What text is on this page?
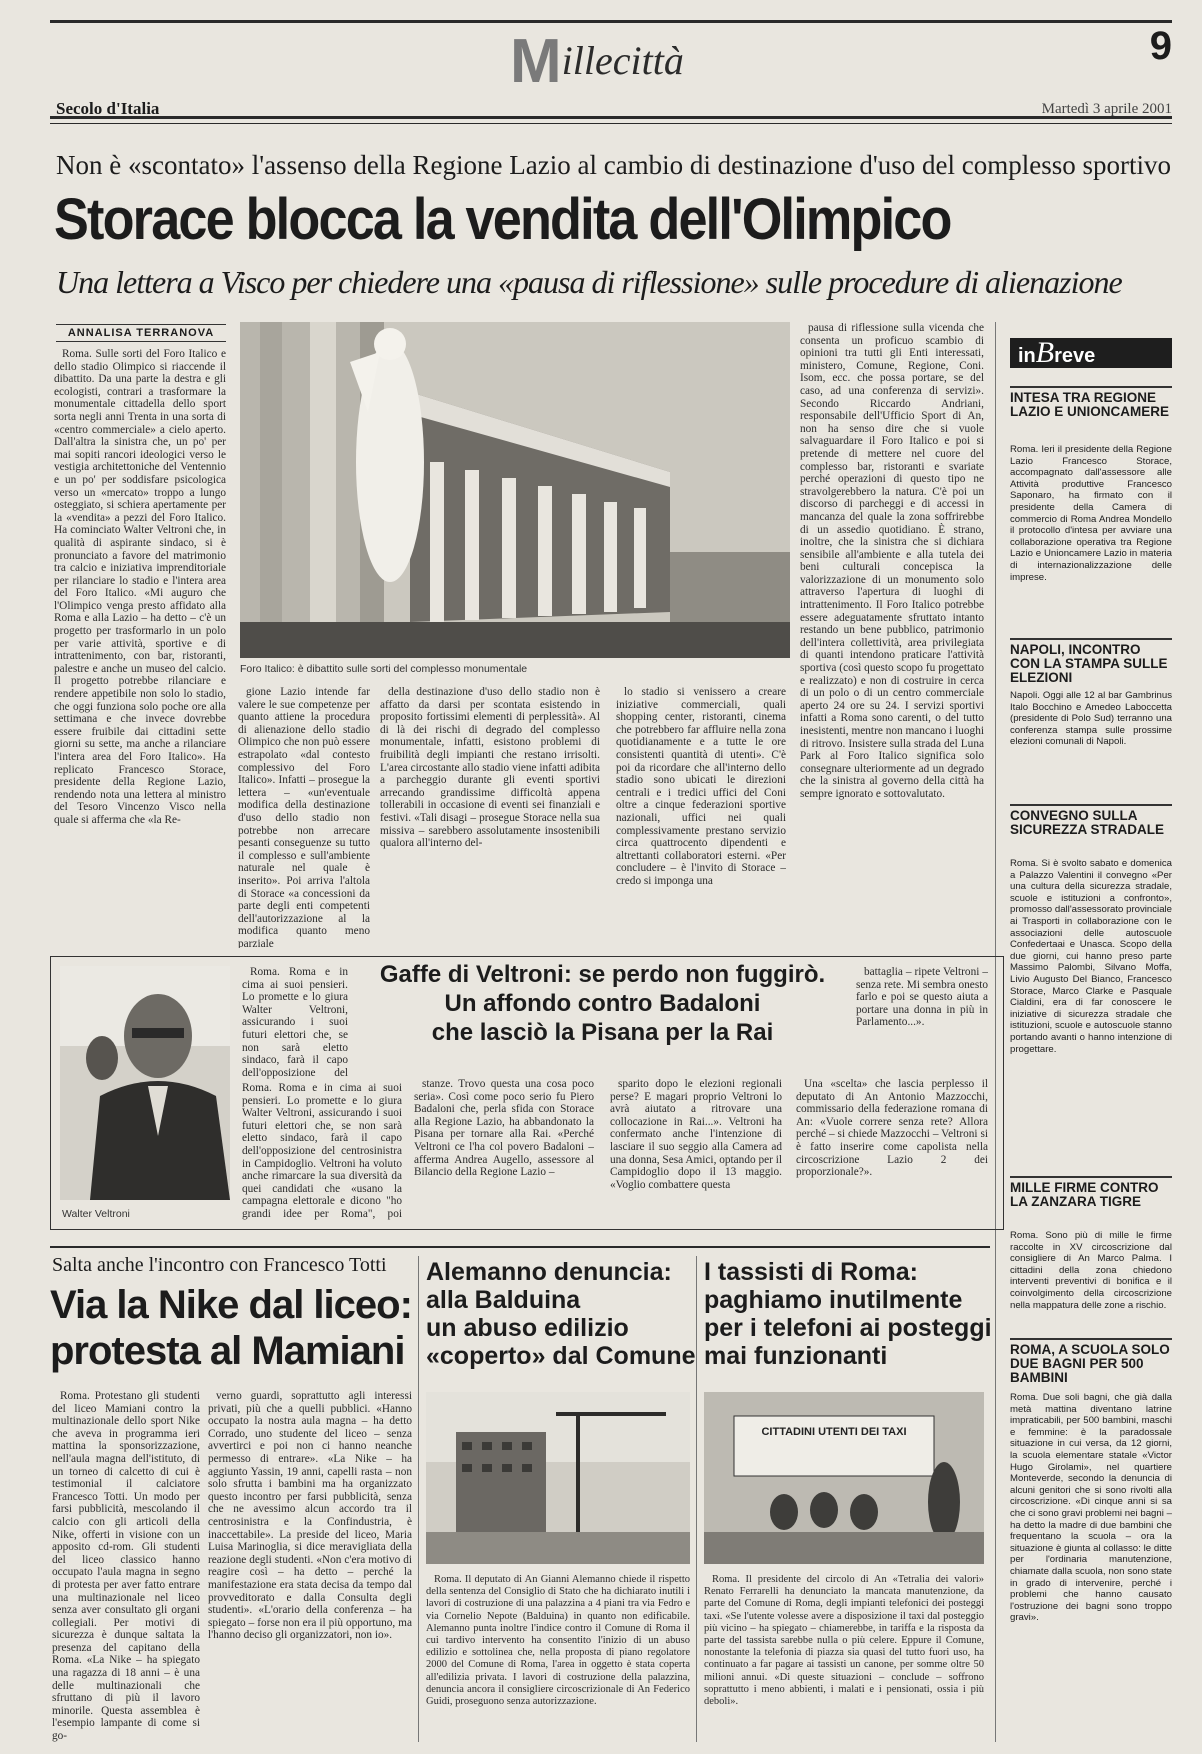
Millecittà	9
Secolo d'Italia	Martedì 3 aprile 2001
Non è «scontato» l'assenso della Regione Lazio al cambio di destinazione d'uso del complesso sportivo
Storace blocca la vendita dell'Olimpico
Una lettera a Visco per chiedere una «pausa di riflessione» sulle procedure di alienazione
ANNALISA TERRANOVA

Roma. Sulle sorti del Foro Italico e dello stadio Olimpico si riaccende il dibattito. Da una parte la destra e gli ecologisti, contrari a trasformare la monumentale cittadella dello sport sorta negli anni Trenta in una sorta di «centro commerciale» a cielo aperto. Dall'altra la sinistra che, un po' per mai sopiti rancori ideologici verso le vestigia architettoniche del Ventennio e un po' per soddisfare psicologica verso un «mercato» troppo a lungo osteggiato, si schiera apertamente per la «vendita» a pezzi del Foro Italico. Ha cominciato Walter Veltroni che, in qualità di aspirante sindaco, si è pronunciato a favore del matrimonio tra calcio e iniziativa imprenditoriale per rilanciare lo stadio e l'intera area del Foro Italico. «Mi auguro che l'Olimpico venga presto affidato alla Roma e alla Lazio – ha detto – c'è un progetto per trasformarlo in un polo per varie attività, sportive e di intrattenimento, con bar, ristoranti, palestre e anche un museo del calcio. Il progetto potrebbe rilanciare e rendere appetibile non solo lo stadio, che oggi funziona solo poche ore alla settimana e che invece dovrebbe essere fruibile dai cittadini sette giorni su sette, ma anche a rilanciare l'intera area del Foro Italico». Ha replicato Francesco Storace, presidente della Regione Lazio, rendendo nota una lettera al ministro del Tesoro Vincenzo Visco nella quale si afferma che «la Re-

Foro Italico: è dibattito sulle sorti del complesso monumentale

gione Lazio intende far valere le sue competenze per quanto attiene la procedura di alienazione dello stadio Olimpico che non può essere estrapolato «dal contesto complessivo del Foro Italico». Infatti – prosegue la lettera – «un'eventuale modifica della destinazione d'uso dello stadio non potrebbe non arrecare pesanti conseguenze su tutto il complesso e sull'ambiente naturale nel quale è inserito». Poi arriva l'altola di Storace «a concessioni da parte degli enti competenti dell'autorizzazione al la modifica quanto meno parziale

della destinazione d'uso dello stadio non è affatto da darsi per scontata esistendo in proposito fortissimi elementi di perplessità». Al di là dei rischi di degrado del complesso monumentale, infatti, esistono problemi di fruibilità degli impianti che restano irrisolti. L'area circostante allo stadio viene infatti adibita a parcheggio durante gli eventi sportivi arrecando grandissime difficoltà appena tollerabili in occasione di eventi sei finanziali e festivi. «Tali disagi – prosegue Storace nella sua missiva – sarebbero assolutamente insostenibili qualora all'interno del-

lo stadio si venissero a creare iniziative commerciali, quali shopping center, ristoranti, cinema che potrebbero far affluire nella zona quotidianamente e a tutte le ore consistenti quantità di utenti». C'è poi da ricordare che all'interno dello stadio sono ubicati le direzioni centrali e i tredici uffici del Coni oltre a cinque federazioni sportive nazionali, uffici nei quali complessivamente prestano servizio circa quattrocento dipendenti e altrettanti collaboratori esterni. «Per concludere – è l'invito di Storace – credo si imponga una

pausa di riflessione sulla vicenda che consenta un proficuo scambio di opinioni tra tutti gli Enti interessati, ministero, Comune, Regione, Coni. Isom, ecc. che possa portare, se del caso, ad una conferenza di servizi». Secondo Riccardo Andriani, responsabile dell'Ufficio Sport di An, non ha senso dire che si vuole salvaguardare il Foro Italico e poi si pretende di mettere nel cuore del complesso bar, ristoranti e svariate perché operazioni di questo tipo ne stravolgerebbero la natura. C'è poi un discorso di parcheggi e di accessi in mancanza del quale la zona soffrirebbe di un assedio quotidiano. È strano, inoltre, che la sinistra che si dichiara sensibile all'ambiente e alla tutela dei beni culturali concepisca la valorizzazione di un monumento solo attraverso l'apertura di luoghi di intrattenimento. Il Foro Italico potrebbe essere adeguatamente sfruttato intanto restando un bene pubblico, patrimonio dell'intera collettività, area privilegiata di quanti intendono praticare l'attività sportiva (così questo scopo fu progettato e realizzato) e non di costruire in cerca di un polo o di un centro commerciale aperto 24 ore su 24. I servizi sportivi infatti a Roma sono carenti, o del tutto inesistenti, mentre non mancano i luoghi di ritrovo. Insistere sulla strada del Luna Park al Foro Italico significa solo consegnare ulteriormente ad un degrado che la sinistra al governo della città ha sempre ignorato e sottovalutato.

inBreve
INTESA TRA REGIONE LAZIO E UNIONCAMERE
Roma. Ieri il presidente della Regione Lazio Francesco Storace, accompagnato dall'assessore alle Attività produttive Francesco Saponaro, ha firmato con il presidente della Camera di commercio di Roma Andrea Mondello il protocollo d'intesa per avviare una collaborazione operativa tra Regione Lazio e Unioncamere Lazio in materia di internazionalizzazione delle imprese.
NAPOLI, INCONTRO CON LA STAMPA SULLE ELEZIONI
Napoli. Oggi alle 12 al bar Gambrinus Italo Bocchino e Amedeo Laboccetta (presidente di Polo Sud) terranno una conferenza stampa sulle prossime elezioni comunali di Napoli.
CONVEGNO SULLA SICUREZZA STRADALE
Roma. Si è svolto sabato e domenica a Palazzo Valentini il convegno «Per una cultura della sicurezza stradale, scuole e istituzioni a confronto», promosso dall'assessorato provinciale ai Trasporti in collaborazione con le associazioni delle autoscuole Confedertaai e Unasca. Scopo della due giorni, cui hanno preso parte Massimo Palombi, Silvano Moffa, Livio Augusto Del Bianco, Francesco Storace, Marco Clarke e Pasquale Cialdini, era di far conoscere le iniziative di sicurezza stradale che istituzioni, scuole e autoscuole stanno portando avanti o hanno intenzione di progettare.
MILLE FIRME CONTRO LA ZANZARA TIGRE
Roma. Sono più di mille le firme raccolte in XV circoscrizione dal consigliere di An Marco Palma. I cittadini della zona chiedono interventi preventivi di bonifica e il coinvolgimento della circoscrizione nella mappatura delle zone a rischio.
ROMA, A SCUOLA SOLO DUE BAGNI PER 500 BAMBINI
Roma. Due soli bagni, che già dalla metà mattina diventano latrine impraticabili, per 500 bambini, maschi e femmine: è la paradossale situazione in cui versa, da 12 giorni, la scuola elementare statale «Victor Hugo Girolami», nel quartiere Monteverde, secondo la denuncia di alcuni genitori che si sono rivolti alla circoscrizione. «Di cinque anni si sa che ci sono gravi problemi nei bagni – ha detto la madre di due bambini che frequentano la scuola – ora la situazione è giunta al collasso: le ditte per l'ordinaria manutenzione, chiamate dalla scuola, non sono state in grado di intervenire, perché i problemi che hanno causato l'ostruzione dei bagni sono troppo gravi».
Walter Veltroni

Roma. Roma e in cima ai suoi pensieri. Lo promette e lo giura Walter Veltroni, assicurando i suoi futuri elettori che, se non sarà eletto sindaco, farà il capo dell'opposizione del

Gaffe di Veltroni: se perdo non fuggirò.
Un affondo contro Badaloni
che lasciò la Pisana per la Rai

Roma. Roma e in cima ai suoi pensieri. Lo promette e lo giura Walter Veltroni, assicurando i suoi futuri elettori che, se non sarà eletto sindaco, farà il capo dell'opposizione del centrosinistra in Campidoglio. Veltroni ha voluto anche rimarcare la sua diversità da quei candidati che «usano la campagna elettorale e dicono "ho grandi idee per Roma", poi

stanze. Trovo questa una cosa poco seria». Così come poco serio fu Piero Badaloni che, perla sfida con Storace alla Regione Lazio, ha abbandonato la Pisana per tornare alla Rai. «Perché Veltroni ce l'ha col povero Badaloni – afferma Andrea Augello, assessore al Bilancio della Regione Lazio –

sparito dopo le elezioni regionali perse? E magari proprio Veltroni lo avrà aiutato a ritrovare una collocazione in Rai...». Veltroni ha confermato anche l'intenzione di lasciare il suo seggio alla Camera ad una donna, Sesa Amici, optando per il Campidoglio dopo il 13 maggio. «Voglio combattere questa

battaglia – ripete Veltroni – senza rete. Mi sembra onesto farlo e poi se questo aiuta a portare una donna in più in Parlamento...».

Una «scelta» che lascia perplesso il deputato di An Antonio Mazzocchi, commissario della federazione romana di An: «Vuole correre senza rete? Allora perché – si chiede Mazzocchi – Veltroni si è fatto inserire come capolista nella circoscrizione Lazio 2 dei proporzionale?».

Salta anche l'incontro con Francesco Totti
Via la Nike dal liceo:
protesta al Mamiani

Roma. Protestano gli studenti del liceo Mamiani contro la multinazionale dello sport Nike che aveva in programma ieri mattina la sponsorizzazione, nell'aula magna dell'istituto, di un torneo di calcetto di cui è testimonial il calciatore Francesco Totti. Un modo per farsi pubblicità, mescolando il calcio con gli articoli della Nike, offerti in visione con un apposito cd-rom. Gli studenti del liceo classico hanno occupato l'aula magna in segno di protesta per aver fatto entrare una multinazionale nel liceo senza aver consultato gli organi collegiali. Per motivi di sicurezza è dunque saltata la presenza del capitano della Roma. «La Nike – ha spiegato una ragazza di 18 anni – è una delle multinazionali che sfruttano di più il lavoro minorile. Questa assemblea è l'esempio lampante di come si go-

verno guardi, soprattutto agli interessi privati, più che a quelli pubblici. «Hanno occupato la nostra aula magna – ha detto Corrado, uno studente del liceo – senza avvertirci e poi non ci hanno neanche permesso di entrare». «La Nike – ha aggiunto Yassin, 19 anni, capelli rasta – non solo sfrutta i bambini ma ha organizzato questo incontro per farsi pubblicità, senza che ne avessimo alcun accordo tra il centrosinistra e la Confindustria, è inaccettabile». La preside del liceo, Maria Luisa Marinoglia, si dice meravigliata della reazione degli studenti. «Non c'era motivo di reagire così – ha detto – perché la manifestazione era stata decisa da tempo dal provveditorato e dalla Consulta degli studenti». «L'orario della conferenza – ha spiegato – forse non era il più opportuno, ma l'hanno deciso gli organizzatori, non io».

Alemanno denuncia:
alla Balduina
un abuso edilizio
«coperto» dal Comune

Roma. Il deputato di An Gianni Alemanno chiede il rispetto della sentenza del Consiglio di Stato che ha dichiarato inutili i lavori di costruzione di una palazzina a 4 piani tra via Fedro e via Cornelio Nepote (Balduina) in quanto non edificabile. Alemanno punta inoltre l'indice contro il Comune di Roma il cui tardivo intervento ha consentito l'inizio di un abuso edilizio e sottolinea che, nella proposta di piano regolatore 2000 del Comune di Roma, l'area in oggetto è stata coperta all'edilizia privata. I lavori di costruzione della palazzina, denuncia ancora il consigliere circoscrizionale di An Federico Guidi, proseguono senza autorizzazione.

I tassisti di Roma:
paghiamo inutilmente
per i telefoni ai posteggi
mai funzionanti
CITTADINI UTENTI DEI TAXI

Roma. Il presidente del circolo di An «Tetralia dei valori» Renato Ferrarelli ha denunciato la mancata manutenzione, da parte del Comune di Roma, degli impianti telefonici dei posteggi taxi. «Se l'utente volesse avere a disposizione il taxi dal posteggio più vicino – ha spiegato – chiamerebbe, in tariffa e la risposta da parte del tassista sarebbe nulla o più celere. Eppure il Comune, nonostante la telefonia di piazza sia quasi del tutto fuori uso, ha continuato a far pagare ai tassisti un canone, per somme oltre 50 milioni annui. «Di queste situazioni – conclude – soffrono soprattutto i meno abbienti, i malati e i pensionati, ossia i più deboli».
